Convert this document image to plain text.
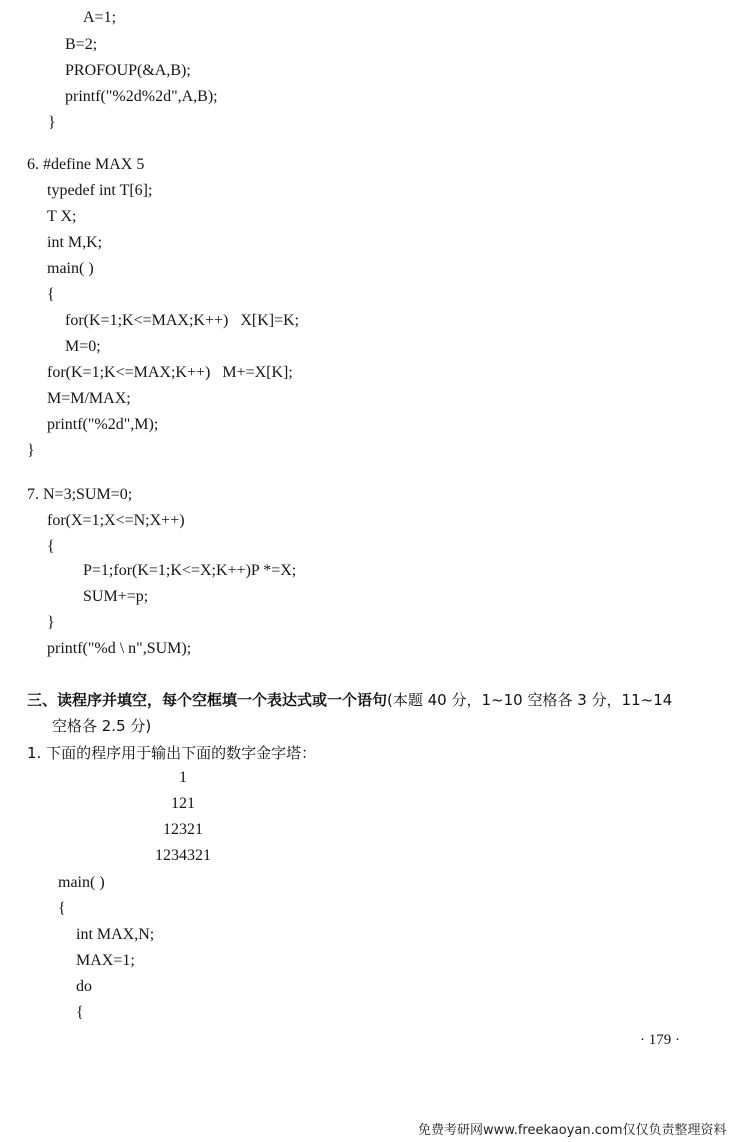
A=1;
B=2;
PROFOUP(&A,B);
printf("%2d%2d",A,B);
}
6. #define MAX 5
typedef int T[6];
T X;
int M,K;
main( )
{
for(K=1;K<=MAX;K++)   X[K]=K;
M=0;
for(K=1;K<=MAX;K++)   M+=X[K];
M=M/MAX;
printf("%2d",M);
}
7. N=3;SUM=0;
for(X=1;X<=N;X++)
{
P=1;for(K=1;K<=X;K++)P *=X;
SUM+=p;
}
printf("%d \ n",SUM);
三、读程序并填空，每个空框填一个表达式或一个语句(本题 40 分，1~10 空格各 3 分，11~14
空格各 2.5 分)
1. 下面的程序用于输出下面的数字金字塔：
1
121
12321
1234321
main( )
{
int MAX,N;
MAX=1;
do
{
· 179 ·
免费考研网www.freekaoyan.com仅仅负责整理资料
